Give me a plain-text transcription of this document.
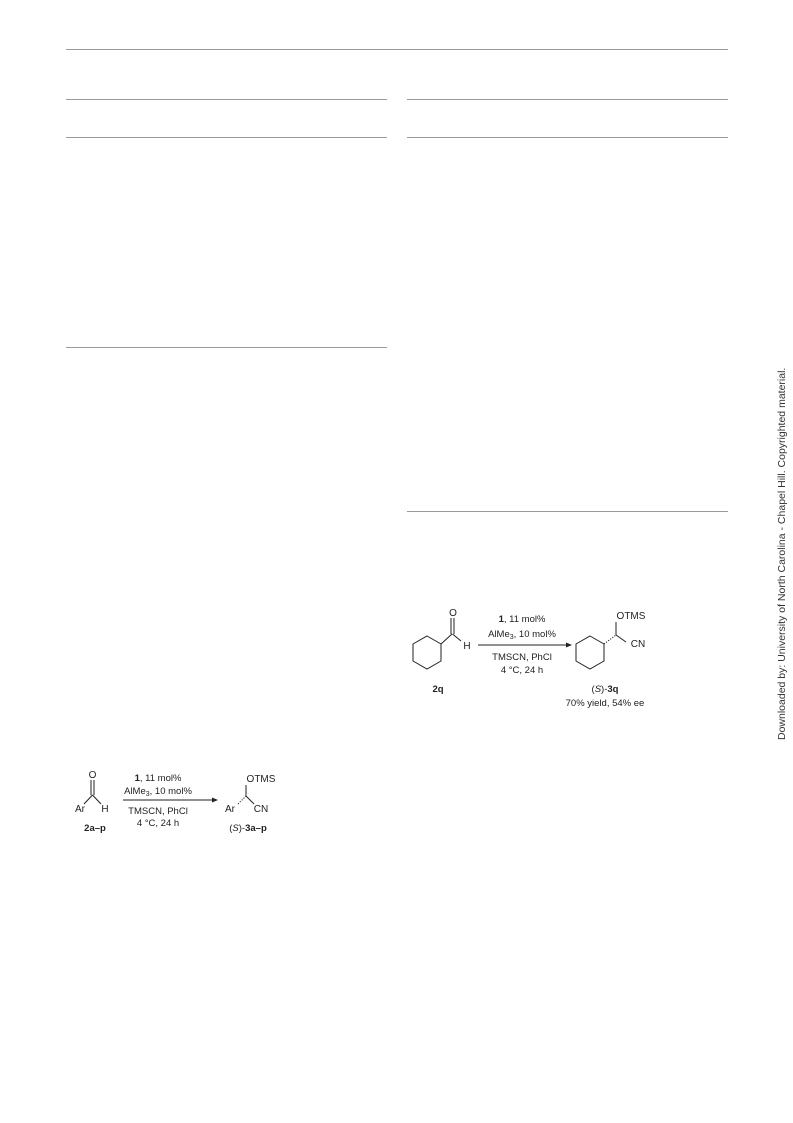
O
Ar H
2a–p
1, 11 mol%
AlMe$_3$, 10 mol%
TMSCN, PhCl
4 °C, 24 h
OTMS
Ar CN
(S)-3a–p
O
H
2q
1, 11 mol%
AlMe$_3$, 10 mol%
TMSCN, PhCl
4 °C, 24 h
OTMS
CN
(S)-3q
70% yield, 54% ee	Downloaded by: University of North Carolina - Chapel Hill. Copyrighted material.
